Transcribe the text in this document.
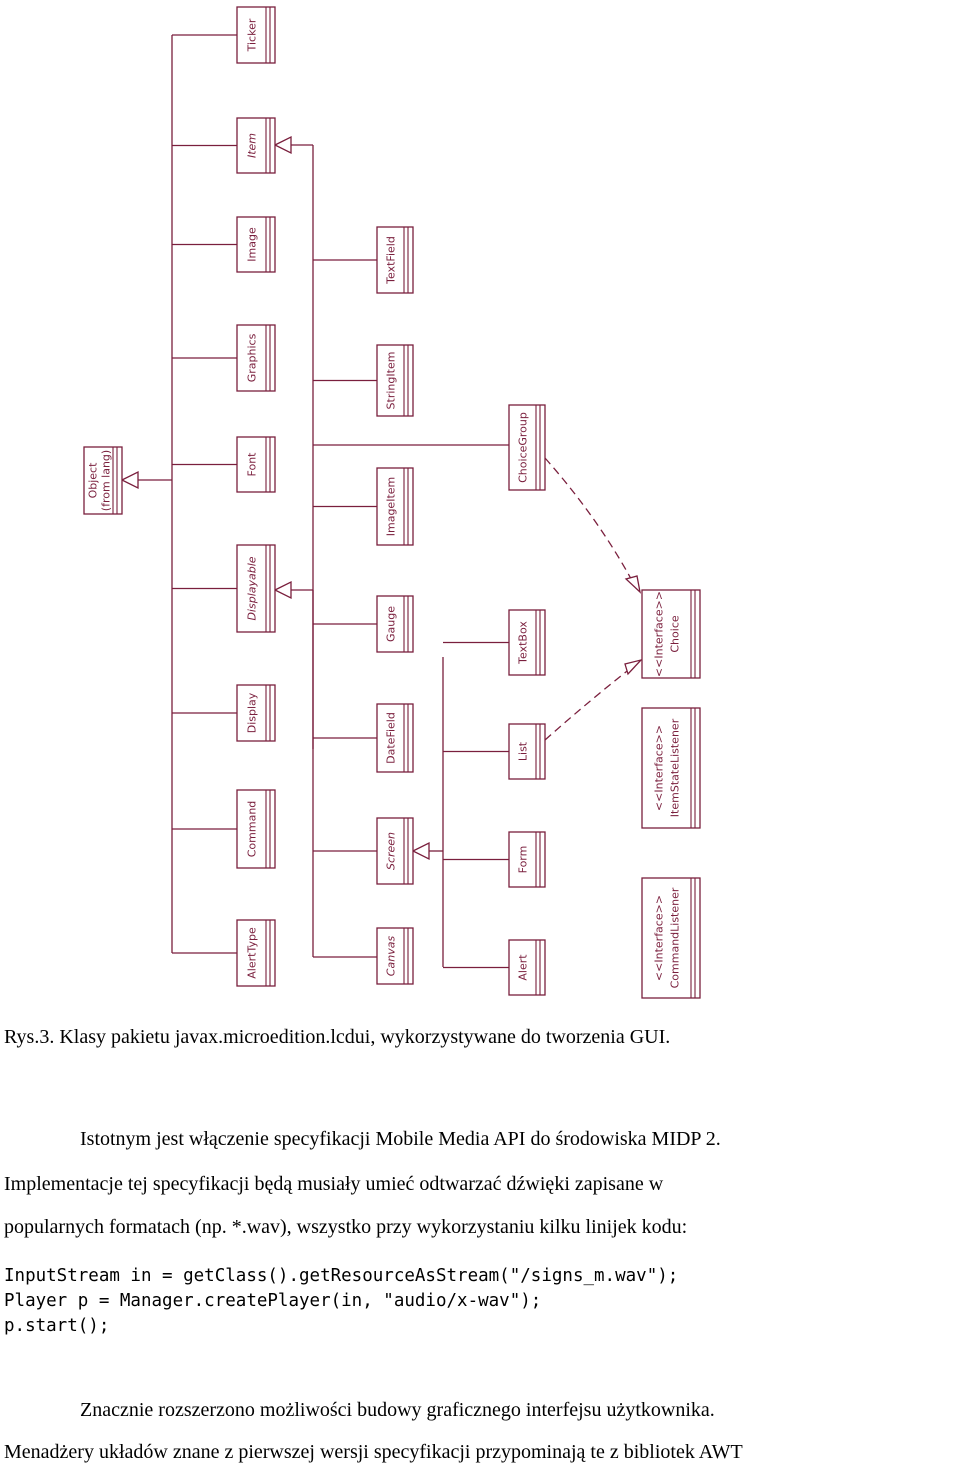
Ticker
Item
Image
Graphics
Font
Displayable
Display
Command
AlertType
Object (from lang)
TextField
StringItem
ImageItem
Gauge
DateField
Screen
Canvas
ChoiceGroup
TextBox
List
Form
Alert
<<Interface>> Choice
<<Interface>> ItemStateListener
<<Interface>> CommandListener
Rys.3. Klasy pakietu javax.microedition.lcdui, wykorzystywane do tworzenia GUI.
Istotnym jest włączenie specyfikacji Mobile Media API do środowiska MIDP 2.
Implementacje tej specyfikacji będą musiały umieć odtwarzać dźwięki zapisane w
popularnych formatach (np. *.wav), wszystko przy wykorzystaniu kilku linijek kodu:
InputStream in = getClass().getResourceAsStream("/signs_m.wav");
Player p = Manager.createPlayer(in, "audio/x-wav");
p.start();
Znacznie rozszerzono możliwości budowy graficznego interfejsu użytkownika.
Menadżery układów znane z pierwszej wersji specyfikacji przypominają te z bibliotek AWT
